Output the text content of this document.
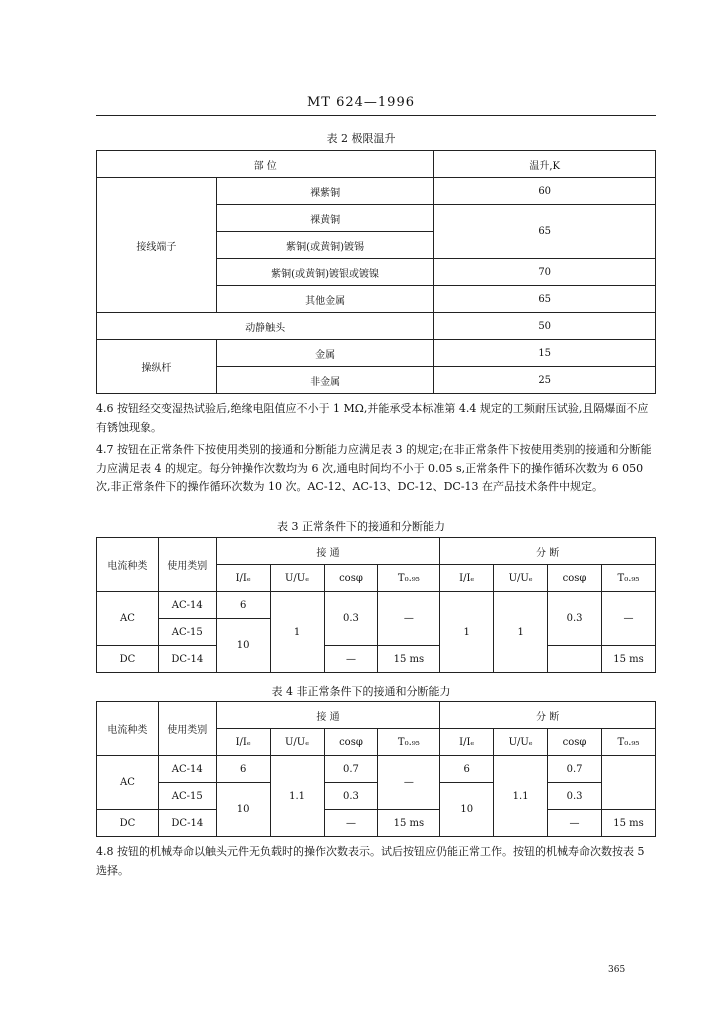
MT 624—1996
表 2 极限温升
部 位		温升,K
接线端子	裸紫铜	60
	裸黄铜	65
	紫铜(或黄铜)镀锡	
	紫铜(或黄铜)镀银或镀镍	70
	其他金属	65
动静触头		50
操纵杆	金属	15
	非金属	25
4.6 按钮经交变湿热试验后,绝缘电阻值应不小于 1 MΩ,并能承受本标准第 4.4 规定的工频耐压试验,且隔爆面不应有锈蚀现象。
4.7 按钮在正常条件下按使用类别的接通和分断能力应满足表 3 的规定;在非正常条件下按使用类别的接通和分断能力应满足表 4 的规定。每分钟操作次数均为 6 次,通电时间均不小于 0.05 s,正常条件下的操作循环次数为 6 050 次,非正常条件下的操作循环次数为 10 次。AC-12、AC-13、DC-12、DC-13 在产品技术条件中规定。
表 3 正常条件下的接通和分断能力
电流种类	使用类别	接 通				分 断			
		I/Iₑ	U/Uₑ	cosφ	T₀.₉₅	I/Iₑ	U/Uₑ	cosφ	T₀.₉₅
AC	AC-14	6	1	0.3	—	1	1	0.3	—
	AC-15	10							
DC	DC-14			—	15 ms				15 ms
表 4 非正常条件下的接通和分断能力
电流种类	使用类别	接 通				分 断			
		I/Iₑ	U/Uₑ	cosφ	T₀.₉₅	I/Iₑ	U/Uₑ	cosφ	T₀.₉₅
AC	AC-14	6	1.1	0.7	—	6	1.1	0.7	
	AC-15	10		0.3		10		0.3	
DC	DC-14			—	15 ms			—	15 ms
4.8 按钮的机械寿命以触头元件无负载时的操作次数表示。试后按钮应仍能正常工作。按钮的机械寿命次数按表 5 选择。
365
